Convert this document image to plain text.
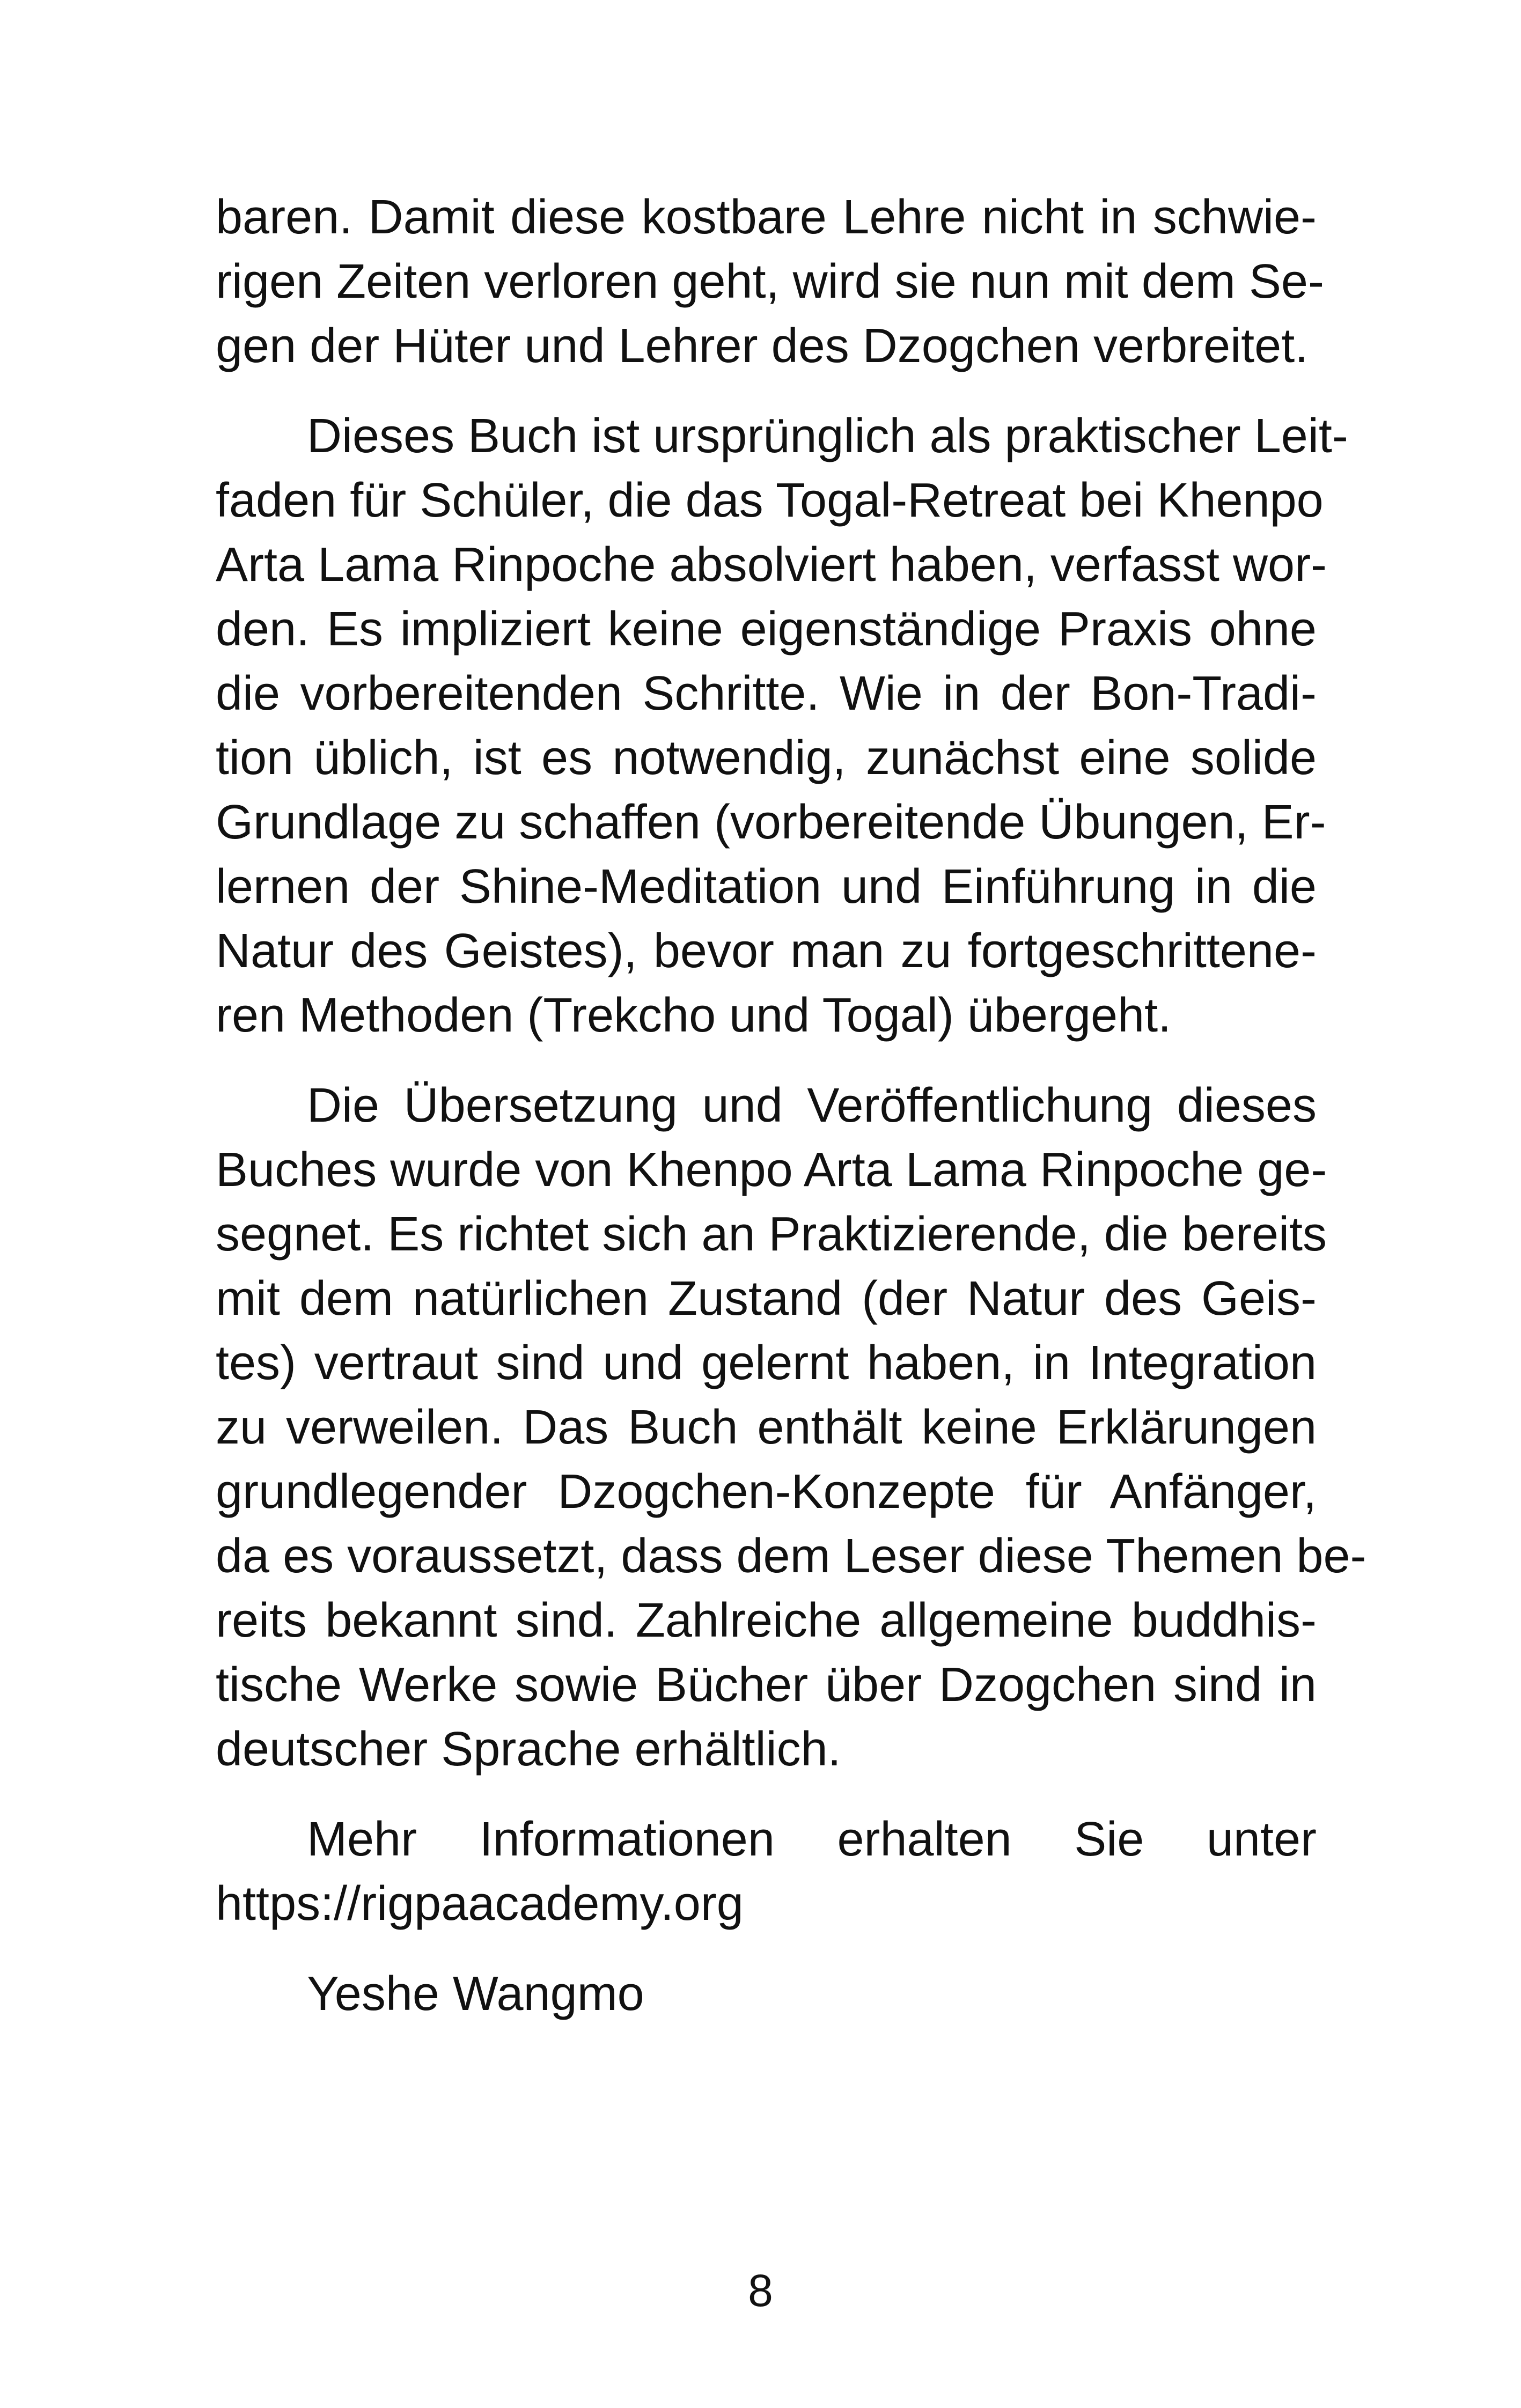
baren. Damit diese kostbare Lehre nicht in schwie-
rigen Zeiten verloren geht, wird sie nun mit dem Se-
gen der Hüter und Lehrer des Dzogchen verbreitet.
Dieses Buch ist ursprünglich als praktischer Leit-
faden für Schüler, die das Togal-Retreat bei Khenpo
Arta Lama Rinpoche absolviert haben, verfasst wor-
den. Es impliziert keine eigenständige Praxis ohne
die vorbereitenden Schritte. Wie in der Bon-Tradi-
tion üblich, ist es notwendig, zunächst eine solide
Grundlage zu schaffen (vorbereitende Übungen, Er-
lernen der Shine-Meditation und Einführung in die
Natur des Geistes), bevor man zu fortgeschrittene-
ren Methoden (Trekcho und Togal) übergeht.
Die Übersetzung und Veröffentlichung dieses
Buches wurde von Khenpo Arta Lama Rinpoche ge-
segnet. Es richtet sich an Praktizierende, die bereits
mit dem natürlichen Zustand (der Natur des Geis-
tes) vertraut sind und gelernt haben, in Integration
zu verweilen. Das Buch enthält keine Erklärungen
grundlegender Dzogchen-Konzepte für Anfänger,
da es voraussetzt, dass dem Leser diese Themen be-
reits bekannt sind. Zahlreiche allgemeine buddhis-
tische Werke sowie Bücher über Dzogchen sind in
deutscher Sprache erhältlich.
Mehr Informationen erhalten Sie unter
https://rigpaacademy.org
Yeshe Wangmo
8
